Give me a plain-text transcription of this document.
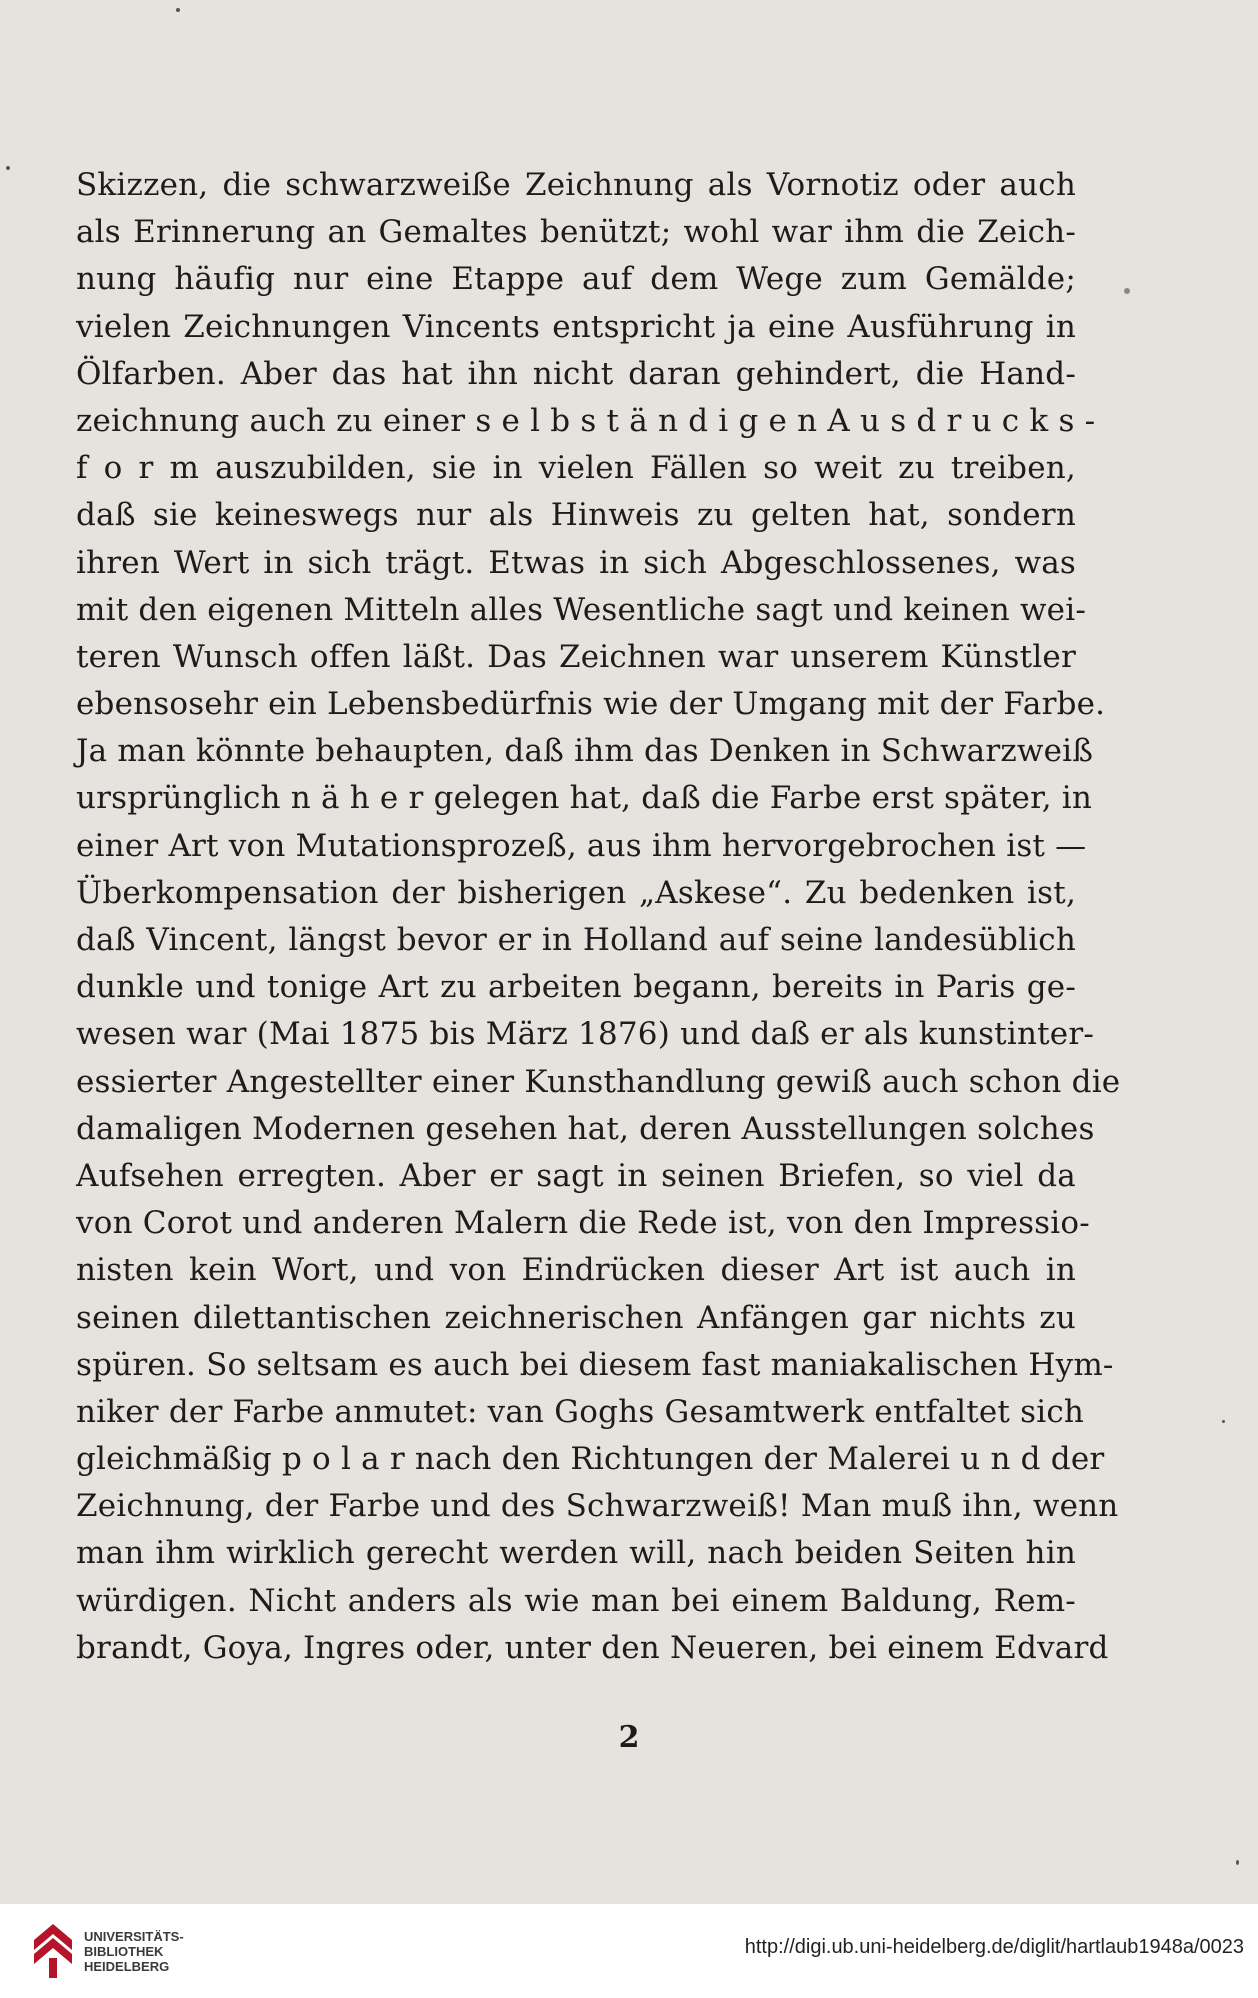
Skizzen, die schwarzweiße Zeichnung als Vornotiz oder auch
als Erinnerung an Gemaltes benützt; wohl war ihm die Zeich-
nung häufig nur eine Etappe auf dem Wege zum Gemälde;
vielen Zeichnungen Vincents entspricht ja eine Ausführung in
Ölfarben. Aber das hat ihn nicht daran gehindert, die Hand-
zeichnung auch zu einer s e l b s t ä n d i g e n A u s d r u c k s -
f o r m auszubilden, sie in vielen Fällen so weit zu treiben,
daß sie keineswegs nur als Hinweis zu gelten hat, sondern
ihren Wert in sich trägt. Etwas in sich Abgeschlossenes, was
mit den eigenen Mitteln alles Wesentliche sagt und keinen wei-
teren Wunsch offen läßt. Das Zeichnen war unserem Künstler
ebensosehr ein Lebensbedürfnis wie der Umgang mit der Farbe.
Ja man könnte behaupten, daß ihm das Denken in Schwarzweiß
ursprünglich n ä h e r gelegen hat, daß die Farbe erst später, in
einer Art von Mutationsprozeß, aus ihm hervorgebrochen ist —
Überkompensation der bisherigen „Askese“. Zu bedenken ist,
daß Vincent, längst bevor er in Holland auf seine landesüblich
dunkle und tonige Art zu arbeiten begann, bereits in Paris ge-
wesen war (Mai 1875 bis März 1876) und daß er als kunstinter-
essierter Angestellter einer Kunsthandlung gewiß auch schon die
damaligen Modernen gesehen hat, deren Ausstellungen solches
Aufsehen erregten. Aber er sagt in seinen Briefen, so viel da
von Corot und anderen Malern die Rede ist, von den Impressio-
nisten kein Wort, und von Eindrücken dieser Art ist auch in
seinen dilettantischen zeichnerischen Anfängen gar nichts zu
spüren. So seltsam es auch bei diesem fast maniakalischen Hym-
niker der Farbe anmutet: van Goghs Gesamtwerk entfaltet sich
gleichmäßig p o l a r nach den Richtungen der Malerei u n d der
Zeichnung, der Farbe und des Schwarzweiß! Man muß ihn, wenn
man ihm wirklich gerecht werden will, nach beiden Seiten hin
würdigen. Nicht anders als wie man bei einem Baldung, Rem-
brandt, Goya, Ingres oder, unter den Neueren, bei einem Edvard
2
UNIVERSITÄTS-
BIBLIOTHEK
HEIDELBERG
http://digi.ub.uni-heidelberg.de/diglit/hartlaub1948a/0023
